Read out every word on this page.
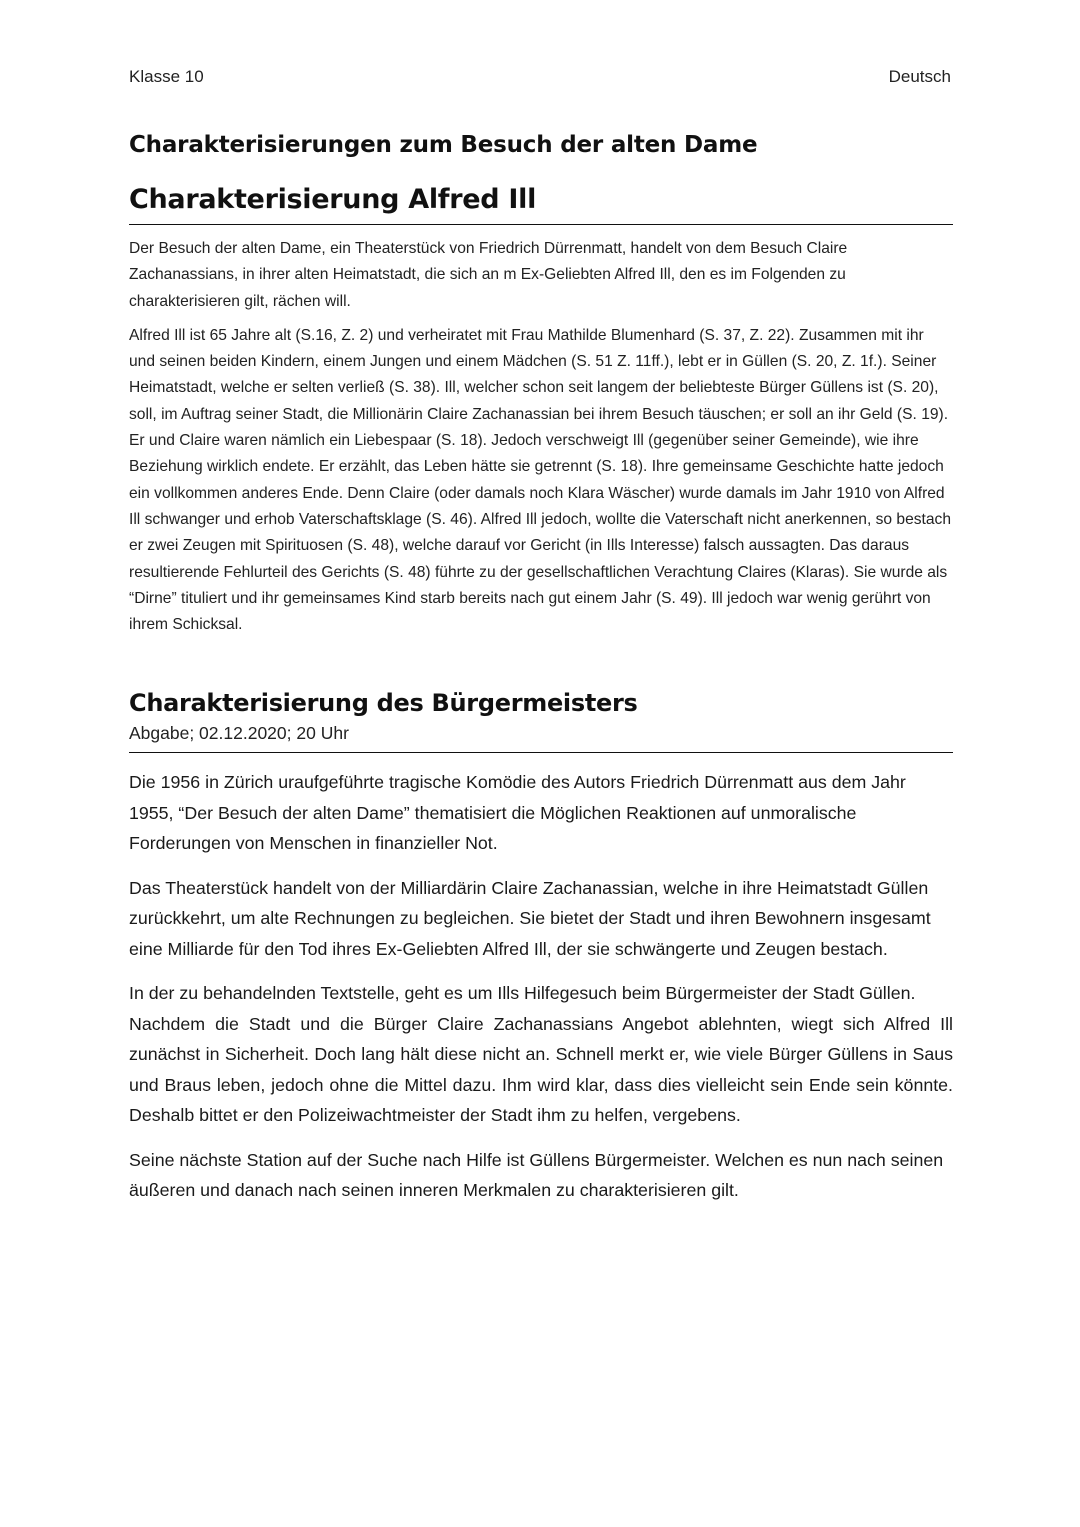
Klasse 10	Deutsch
Charakterisierungen zum Besuch der alten Dame
Charakterisierung Alfred Ill

Der Besuch der alten Dame, ein Theaterstück von Friedrich Dürrenmatt, handelt von dem Besuch Claire Zachanassians, in ihrer alten Heimatstadt, die sich an m Ex-Geliebten Alfred Ill, den es im Folgenden zu charakterisieren gilt, rächen will.

Alfred Ill ist 65 Jahre alt (S.16, Z. 2) und verheiratet mit Frau Mathilde Blumenhard (S. 37, Z. 22). Zusammen mit ihr und seinen beiden Kindern, einem Jungen und einem Mädchen (S. 51 Z. 11ff.), lebt er in Güllen (S. 20, Z. 1f.). Seiner Heimatstadt, welche er selten verließ (S. 38). Ill, welcher schon seit langem der beliebteste Bürger Güllens ist (S. 20), soll, im Auftrag seiner Stadt, die Millionärin Claire Zachanassian bei ihrem Besuch täuschen; er soll an ihr Geld (S. 19).
Er und Claire waren nämlich ein Liebespaar (S. 18). Jedoch verschweigt Ill (gegenüber seiner Gemeinde), wie ihre Beziehung wirklich endete. Er erzählt, das Leben hätte sie getrennt (S. 18). Ihre gemeinsame Geschichte hatte jedoch ein vollkommen anderes Ende. Denn Claire (oder damals noch Klara Wäscher) wurde damals im Jahr 1910 von Alfred Ill schwanger und erhob Vaterschaftsklage (S. 46). Alfred Ill jedoch, wollte die Vaterschaft nicht anerkennen, so bestach er zwei Zeugen mit Spirituosen (S. 48), welche darauf vor Gericht (in Ills Interesse) falsch aussagten. Das daraus resultierende Fehlurteil des Gerichts (S. 48) führte zu der gesellschaftlichen Verachtung Claires (Klaras). Sie wurde als “Dirne” tituliert und ihr gemeinsames Kind starb bereits nach gut einem Jahr (S. 49). Ill jedoch war wenig gerührt von ihrem Schicksal.

Charakterisierung des Bürgermeisters

Abgabe; 02.12.2020; 20 Uhr

Die 1956 in Zürich uraufgeführte tragische Komödie des Autors Friedrich Dürrenmatt aus dem Jahr 1955, “Der Besuch der alten Dame” thematisiert die Möglichen Reaktionen auf unmoralische Forderungen von Menschen in finanzieller Not.

Das Theaterstück handelt von der Milliardärin Claire Zachanassian, welche in ihre Heimatstadt Güllen zurückkehrt, um alte Rechnungen zu begleichen. Sie bietet der Stadt und ihren Bewohnern insgesamt eine Milliarde für den Tod ihres Ex-Geliebten Alfred Ill, der sie schwängerte und Zeugen bestach.

In der zu behandelnden Textstelle, geht es um Ills Hilfegesuch beim Bürgermeister der Stadt Güllen.
Nachdem die Stadt und die Bürger Claire Zachanassians Angebot ablehnten, wiegt sich Alfred Ill zunächst in Sicherheit. Doch lang hält diese nicht an. Schnell merkt er, wie viele Bürger Güllens in Saus und Braus leben, jedoch ohne die Mittel dazu. Ihm wird klar, dass dies vielleicht sein Ende sein könnte. Deshalb bittet er den Polizeiwachtmeister der Stadt ihm zu helfen, vergebens.

Seine nächste Station auf der Suche nach Hilfe ist Güllens Bürgermeister. Welchen es nun nach seinen äußeren und danach nach seinen inneren Merkmalen zu charakterisieren gilt.
